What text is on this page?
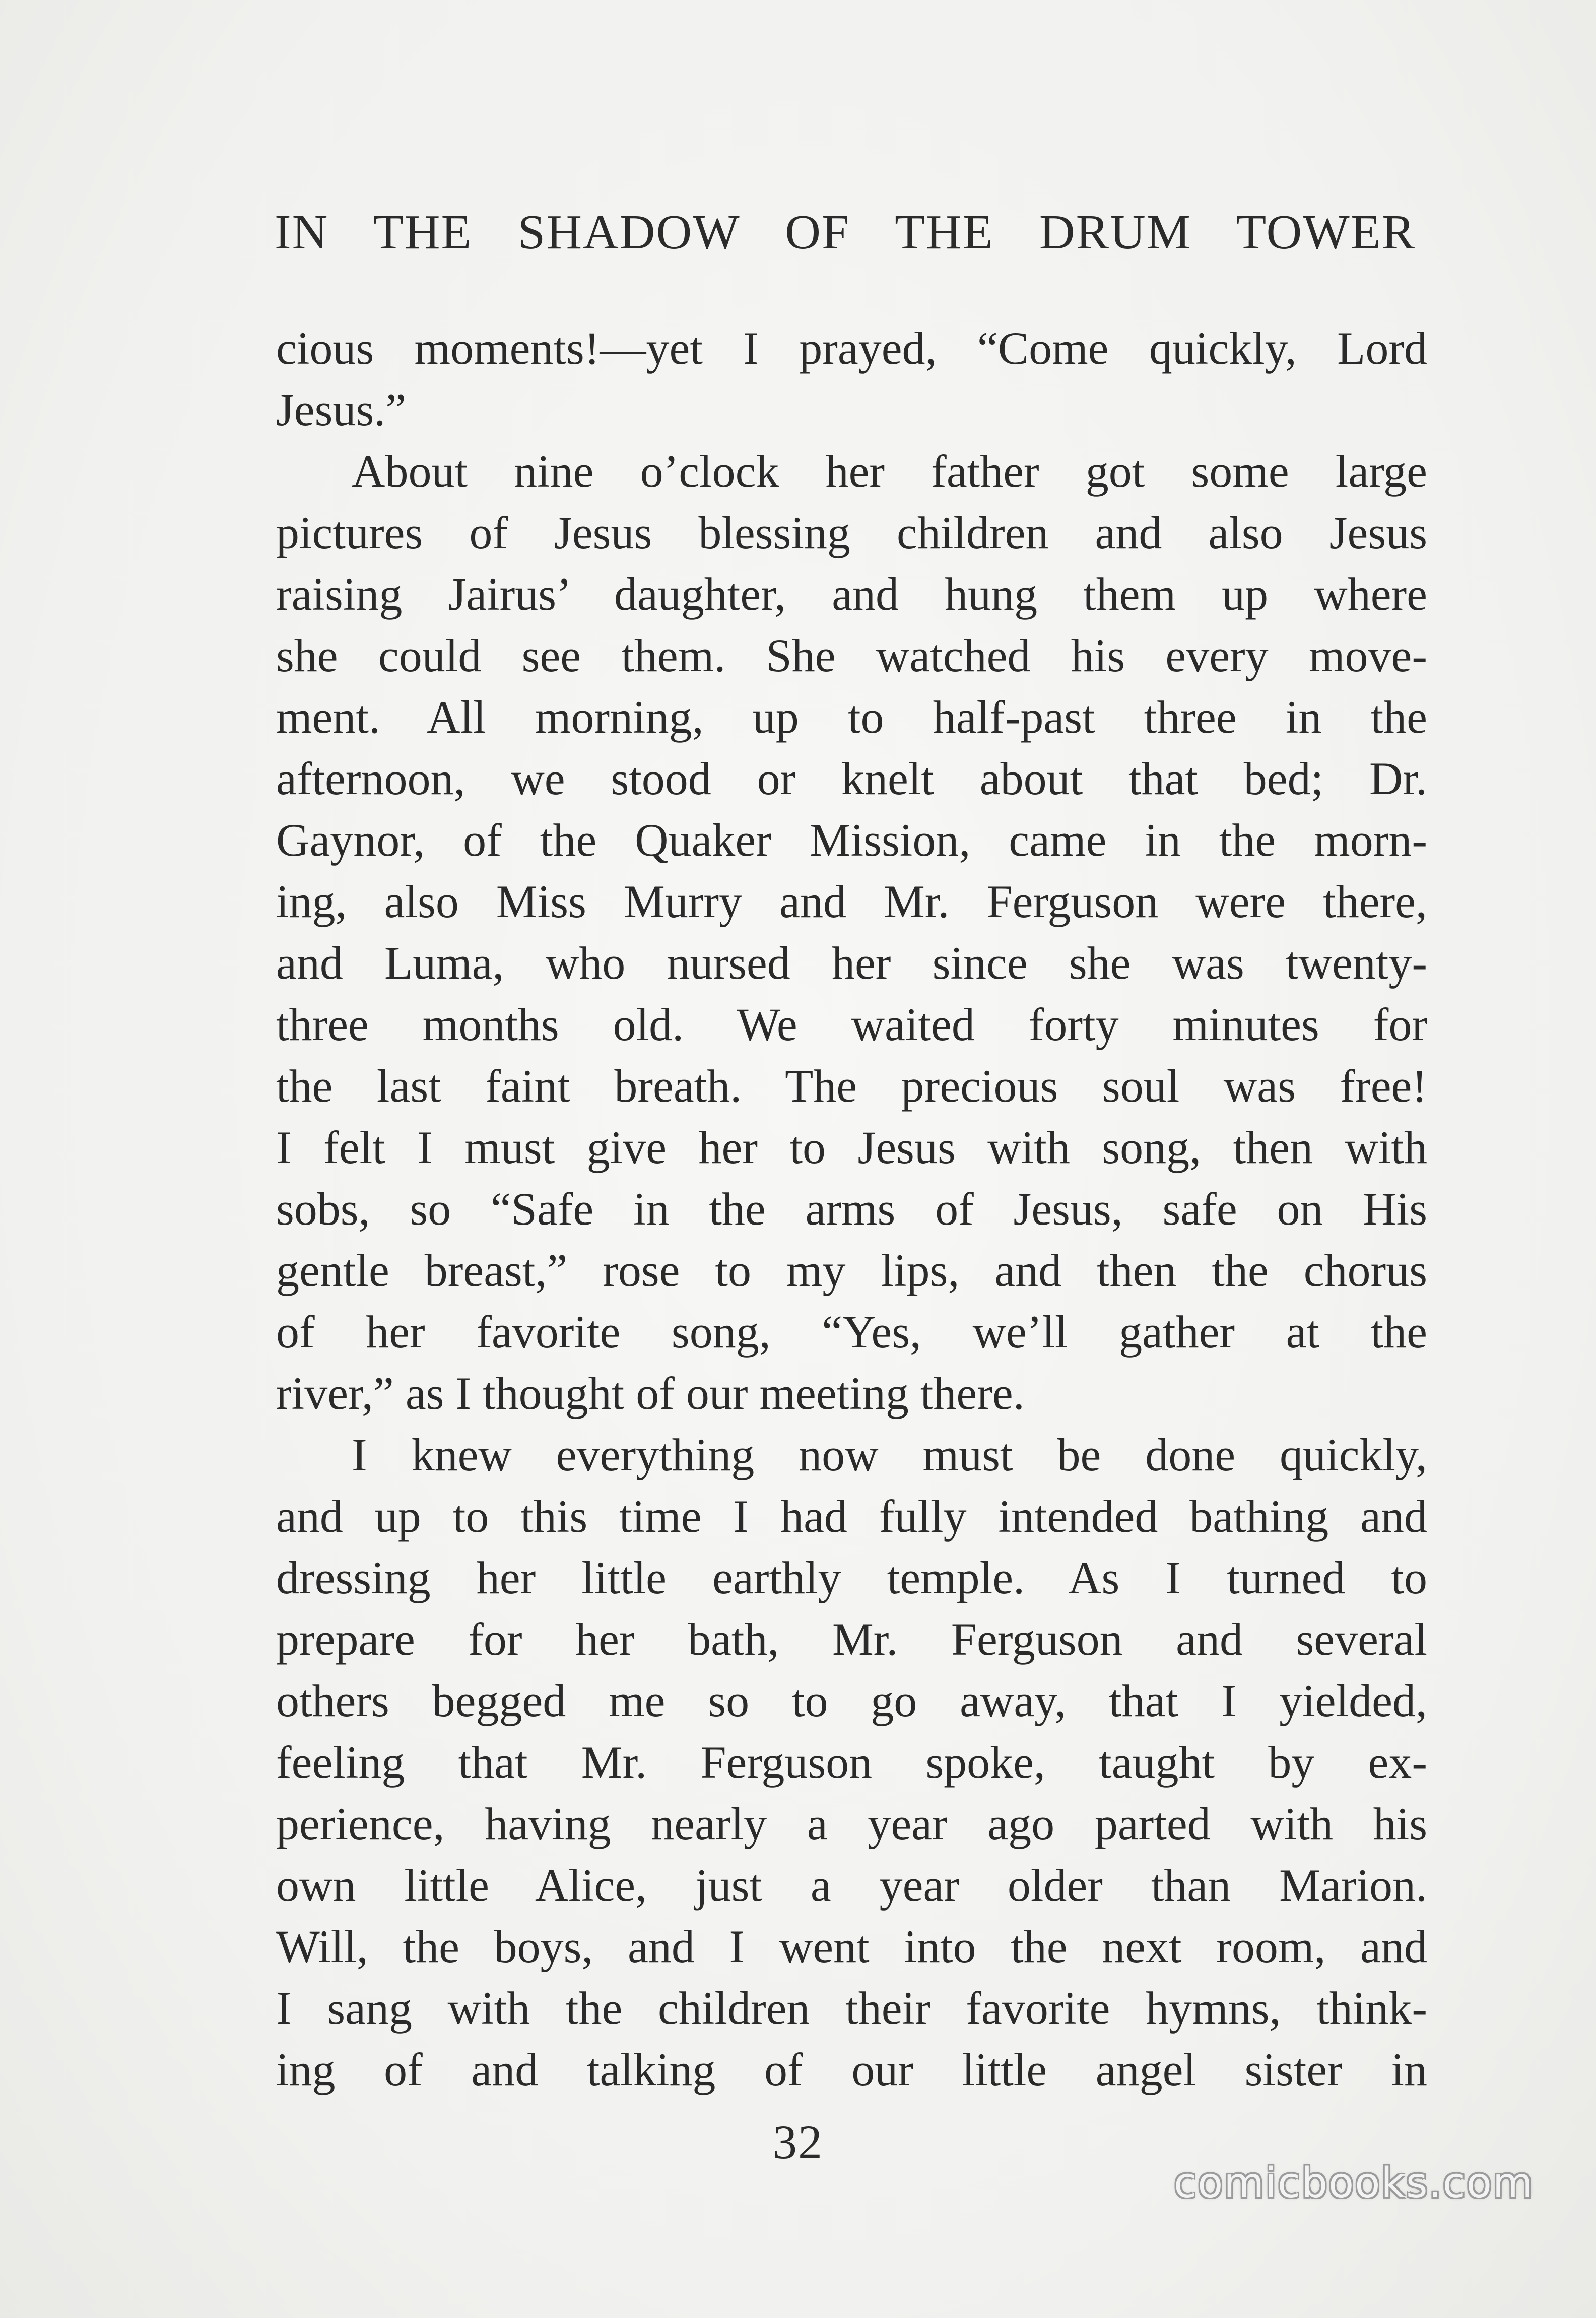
IN THE SHADOW OF THE DRUM TOWER
cious moments!—yet I prayed, “Come quickly, Lord
Jesus.”
About nine o’clock her father got some large
pictures of Jesus blessing children and also Jesus
raising Jairus’ daughter, and hung them up where
she could see them. She watched his every move-
ment. All morning, up to half-past three in the
afternoon, we stood or knelt about that bed; Dr.
Gaynor, of the Quaker Mission, came in the morn-
ing, also Miss Murry and Mr. Ferguson were there,
and Luma, who nursed her since she was twenty-
three months old. We waited forty minutes for
the last faint breath. The precious soul was free!
I felt I must give her to Jesus with song, then with
sobs, so “Safe in the arms of Jesus, safe on His
gentle breast,” rose to my lips, and then the chorus
of her favorite song, “Yes, we’ll gather at the
river,” as I thought of our meeting there.
I knew everything now must be done quickly,
and up to this time I had fully intended bathing and
dressing her little earthly temple. As I turned to
prepare for her bath, Mr. Ferguson and several
others begged me so to go away, that I yielded,
feeling that Mr. Ferguson spoke, taught by ex-
perience, having nearly a year ago parted with his
own little Alice, just a year older than Marion.
Will, the boys, and I went into the next room, and
I sang with the children their favorite hymns, think-
ing of and talking of our little angel sister in
32
comicbooks.com
